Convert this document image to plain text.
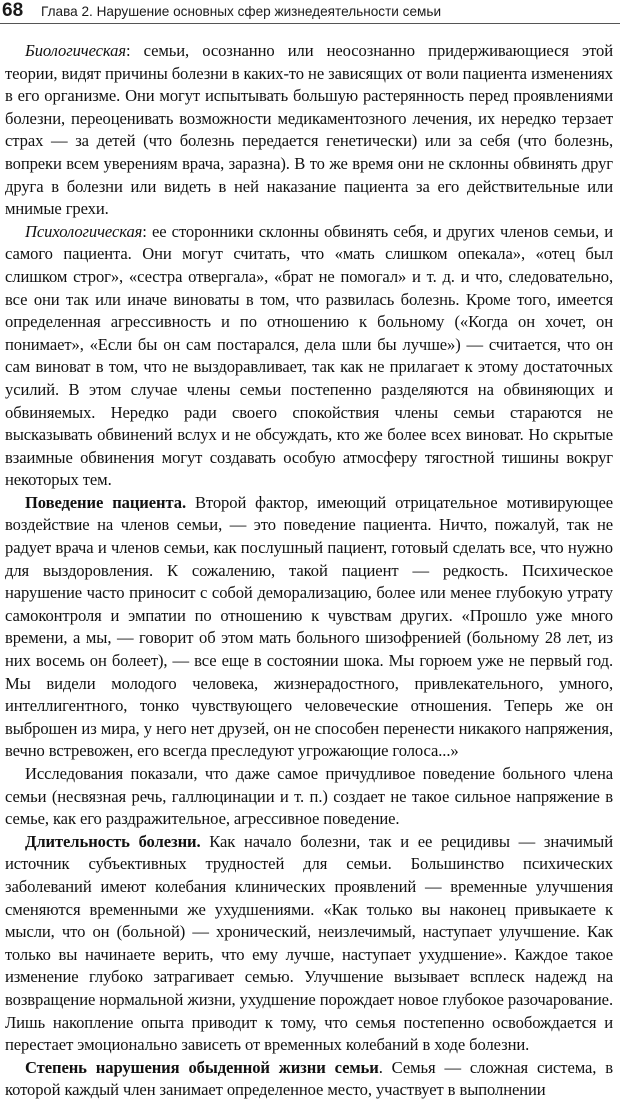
68 Глава 2. Нарушение основных сфер жизнедеятельности семьи

Биологическая: семьи, осознанно или неосознанно придерживающиеся этой теории, видят причины болезни в каких-то не зависящих от воли пациента изменениях в его организме. Они могут испытывать большую растерянность перед проявлениями болезни, переоценивать возможности медикаментозного лечения, их нередко терзает страх — за детей (что болезнь передается генетически) или за себя (что болезнь, вопреки всем уверениям врача, заразна). В то же время они не склонны обвинять друг друга в болезни или видеть в ней наказание пациента за его действительные или мнимые грехи.

Психологическая: ее сторонники склонны обвинять себя, и других членов семьи, и самого пациента. Они могут считать, что «мать слишком опекала», «отец был слишком строг», «сестра отвергала», «брат не помогал» и т. д. и что, следовательно, все они так или иначе виноваты в том, что развилась болезнь. Кроме того, имеется определенная агрессивность и по отношению к больному («Когда он хочет, он понимает», «Если бы он сам постарался, дела шли бы лучше») — считается, что он сам виноват в том, что не выздоравливает, так как не прилагает к этому достаточных усилий. В этом случае члены семьи постепенно разделяются на обвиняющих и обвиняемых. Нередко ради своего спокойствия члены семьи стараются не высказывать обвинений вслух и не обсуждать, кто же более всех виноват. Но скрытые взаимные обвинения могут создавать особую атмосферу тягостной тишины вокруг некоторых тем.

Поведение пациента. Второй фактор, имеющий отрицательное мотивирующее воздействие на членов семьи, — это поведение пациента. Ничто, пожалуй, так не радует врача и членов семьи, как послушный пациент, готовый сделать все, что нужно для выздоровления. К сожалению, такой пациент — редкость. Психическое нарушение часто приносит с собой деморализацию, более или менее глубокую утрату самоконтроля и эмпатии по отношению к чувствам других. «Прошло уже много времени, а мы, — говорит об этом мать больного шизофренией (больному 28 лет, из них восемь он болеет), — все еще в состоянии шока. Мы горюем уже не первый год. Мы видели молодого человека, жизнерадостного, привлекательного, умного, интеллигентного, тонко чувствующего человеческие отношения. Теперь же он выброшен из мира, у него нет друзей, он не способен перенести никакого напряжения, вечно встревожен, его всегда преследуют угрожающие голоса...»

Исследования показали, что даже самое причудливое поведение больного члена семьи (несвязная речь, галлюцинации и т. п.) создает не такое сильное напряжение в семье, как его раздражительное, агрессивное поведение.

Длительность болезни. Как начало болезни, так и ее рецидивы — значимый источник субъективных трудностей для семьи. Большинство психических заболеваний имеют колебания клинических проявлений — временные улучшения сменяются временными же ухудшениями. «Как только вы наконец привыкаете к мысли, что он (больной) — хронический, неизлечимый, наступает улучшение. Как только вы начинаете верить, что ему лучше, наступает ухудшение». Каждое такое изменение глубоко затрагивает семью. Улучшение вызывает всплеск надежд на возвращение нормальной жизни, ухудшение порождает новое глубокое разочарование. Лишь накопление опыта приводит к тому, что семья постепенно освобождается и перестает эмоционально зависеть от временных колебаний в ходе болезни.

Степень нарушения обыденной жизни семьи. Семья — сложная система, в которой каждый член занимает определенное место, участвует в выполнении
